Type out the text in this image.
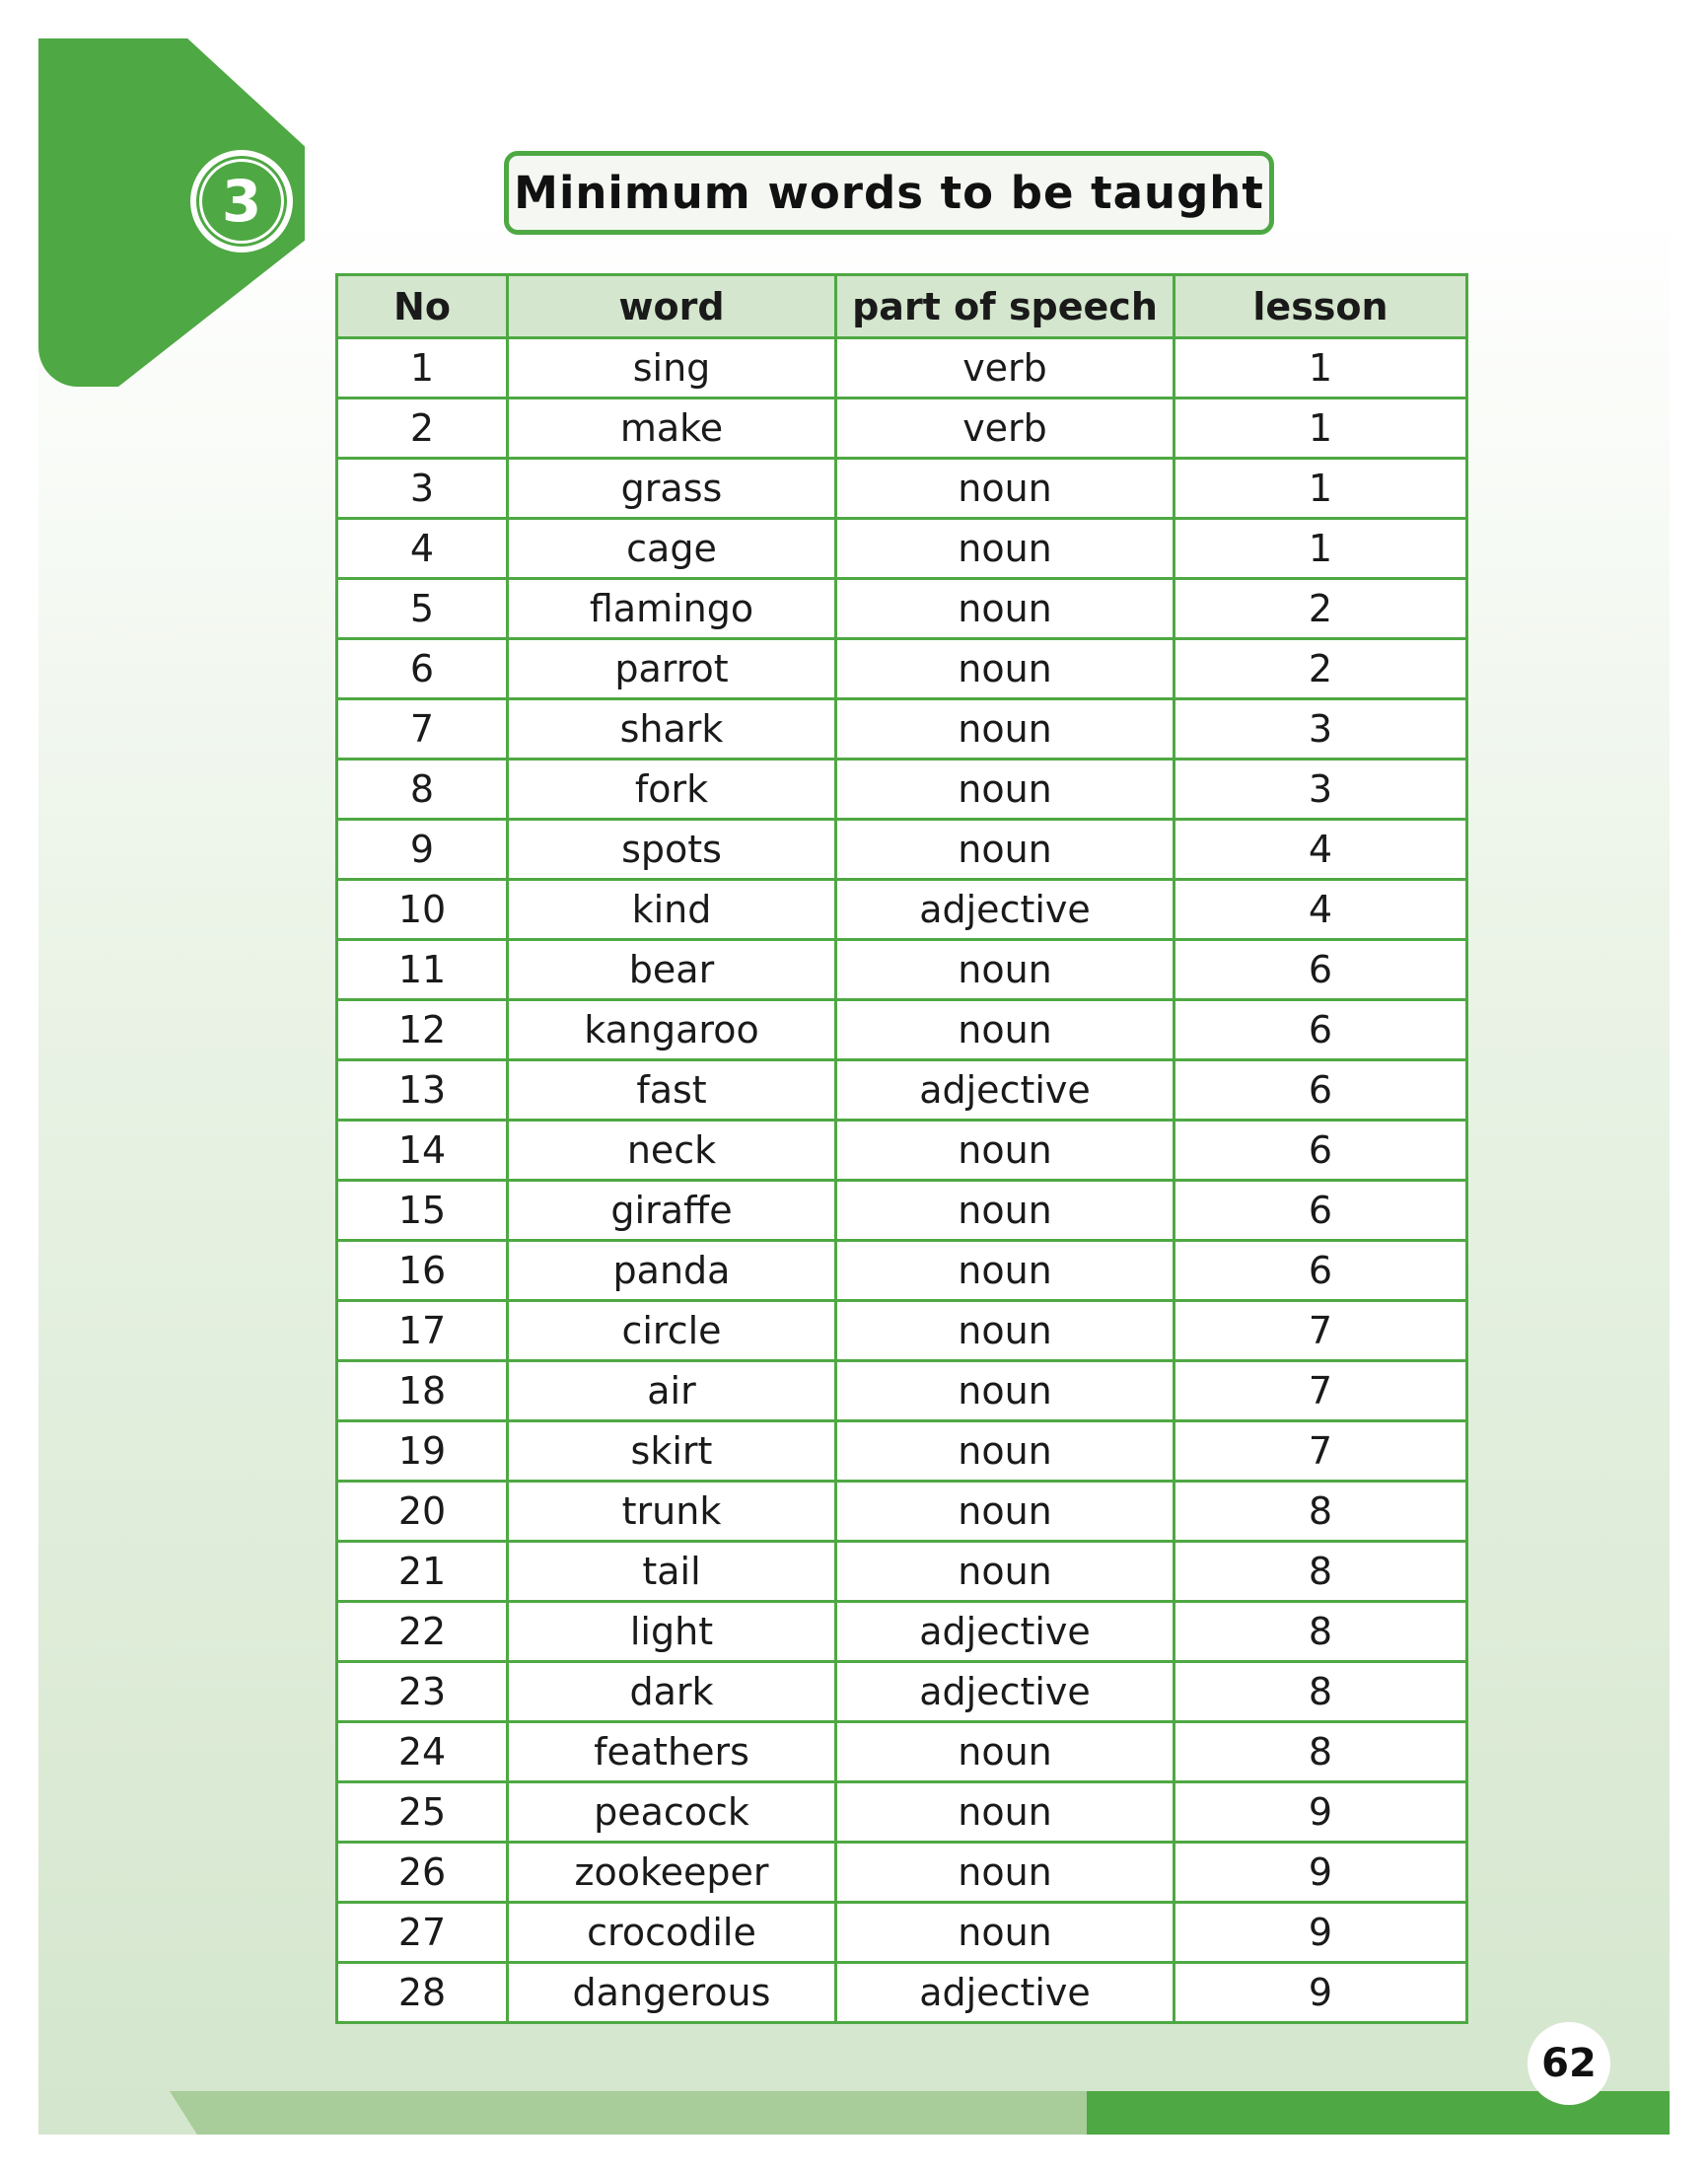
3	Minimum words to be taught
No	word	part of speech	lesson
1	sing	verb	1
2	make	verb	1
3	grass	noun	1
4	cage	noun	1
5	flamingo	noun	2
6	parrot	noun	2
7	shark	noun	3
8	fork	noun	3
9	spots	noun	4
10	kind	adjective	4
11	bear	noun	6
12	kangaroo	noun	6
13	fast	adjective	6
14	neck	noun	6
15	giraffe	noun	6
16	panda	noun	6
17	circle	noun	7
18	air	noun	7
19	skirt	noun	7
20	trunk	noun	8
21	tail	noun	8
22	light	adjective	8
23	dark	adjective	8
24	feathers	noun	8
25	peacock	noun	9
26	zookeeper	noun	9
27	crocodile	noun	9
28	dangerous	adjective	9
62
